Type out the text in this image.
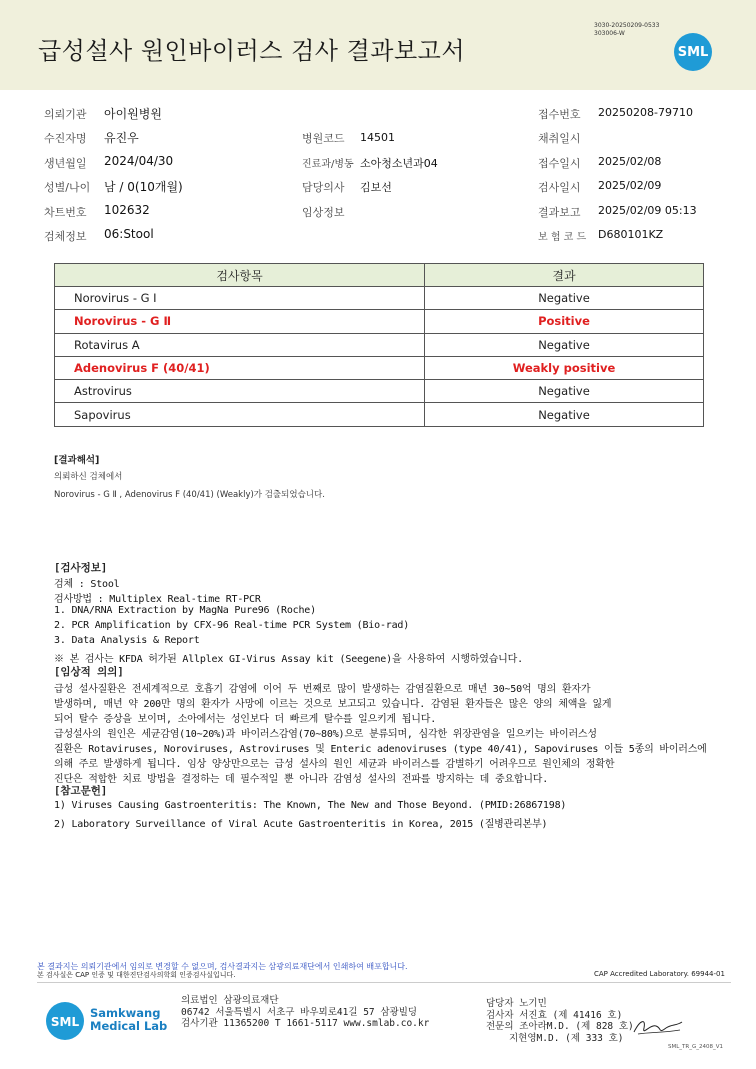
급성설사 원인바이러스 검사 결과보고서
3030-20250209-0533
303006-W
SML
의뢰기관 아이원병원
수진자명 유진우	병원코드 14501
생년월일 2024/04/30	진료과/병동 소아청소년과04
성별/나이 남 / 0(10개월)	담당의사 김보선
차트번호 102632	임상정보
검체정보 06:Stool
접수번호 20250208-79710
채취일시
접수일시 2025/02/08
검사일시 2025/02/09
결과보고 2025/02/09 05:13
보 험 코 드 D680101KZ
검사항목	결과
Norovirus - G Ⅰ	Negative
Norovirus - G Ⅱ	Positive
Rotavirus A	Negative
Adenovirus F (40/41)	Weakly positive
Astrovirus	Negative
Sapovirus	Negative
[결과해석]
의뢰하신 검체에서
Norovirus - G Ⅱ , Adenovirus F (40/41) (Weakly)가 검출되었습니다.
[검사정보]
검체 : Stool
검사방법 : Multiplex Real-time RT-PCR
1. DNA/RNA Extraction by MagNa Pure96 (Roche)
2. PCR Amplification by CFX-96 Real-time PCR System (Bio-rad)
3. Data Analysis & Report
※ 본 검사는 KFDA 허가된 Allplex GI-Virus Assay kit (Seegene)을 사용하여 시행하였습니다.
[임상적 의의]
급성 설사질환은 전세계적으로 호흡기 감염에 이어 두 번째로 많이 발생하는 감염질환으로 매년 30~50억 명의 환자가
발생하며, 매년 약 200만 명의 환자가 사망에 이르는 것으로 보고되고 있습니다. 감염된 환자들은 많은 양의 체액을 잃게
되어 탈수 증상을 보이며, 소아에서는 성인보다 더 빠르게 탈수를 일으키게 됩니다.
급성설사의 원인은 세균감염(10~20%)과 바이러스감염(70~80%)으로 분류되며, 심각한 위장관염을 일으키는 바이러스성
질환은 Rotaviruses, Noroviruses, Astroviruses 및 Enteric adenoviruses (type 40/41), Sapoviruses 이들 5종의 바이러스에
의해 주로 발생하게 됩니다. 임상 양상만으로는 급성 설사의 원인 세균과 바이러스를 감별하기 어려우므로 원인체의 정확한
진단은 적합한 치료 방법을 결정하는 데 필수적일 뿐 아니라 감염성 설사의 전파를 방지하는 데 중요합니다.
[참고문헌]
1) Viruses Causing Gastroenteritis: The Known, The New and Those Beyond. (PMID:26867198)
2) Laboratory Surveillance of Viral Acute Gastroenteritis in Korea, 2015 (질병관리본부)
본 결과지는 의뢰기관에서 임의로 변경할 수 없으며, 검사결과지는 삼광의료재단에서 인쇄하여 배포합니다.
본 검사실은 CAP 인증 및 대한진단검사의학회 인증검사실입니다.	CAP Accredited Laboratory. 69944-01
SML
Samkwang
Medical Lab
의료법인 삼광의료재단
06742 서울특별시 서초구 바우뫼로41길 57 삼광빌딩
검사기관 11365200 T 1661-5117 www.smlab.co.kr
담당자 노기민
검사자 서진효 (제 41416 호)
전문의 조아라M.D. (제 828 호)
지현영M.D. (제 333 호)
SML_TR_G_2408_V1
